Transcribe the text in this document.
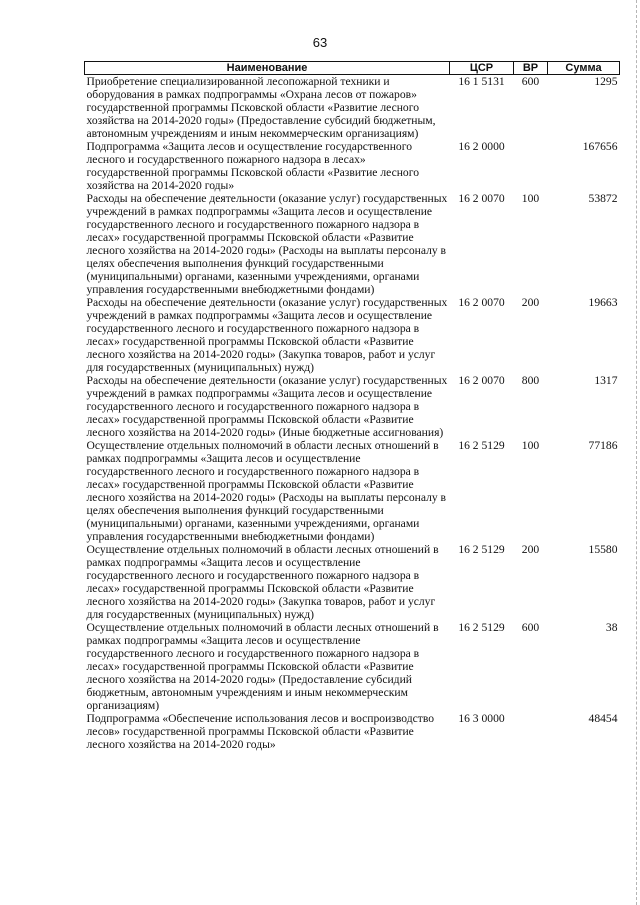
63
Наименование	ЦСР	ВР	Сумма
Приобретение специализированной лесопожарной техники и оборудования в рамках подпрограммы «Охрана лесов от пожаров» государственной программы Псковской области «Развитие лесного хозяйства на 2014-2020 годы» (Предоставление субсидий бюджетным, автономным учреждениям и иным некоммерческим организациям)	16 1 5131	600	1295
Подпрограмма «Защита лесов и осуществление государственного лесного и государственного пожарного надзора в лесах» государственной программы Псковской области «Развитие лесного хозяйства на 2014-2020 годы»	16 2 0000		167656
Расходы на обеспечение деятельности (оказание услуг) государственных учреждений в рамках подпрограммы «Защита лесов и осуществление государственного лесного и государственного пожарного надзора в лесах» государственной программы Псковской области «Развитие лесного хозяйства на 2014-2020 годы» (Расходы на выплаты персоналу в целях обеспечения выполнения функций государственными (муниципальными) органами, казенными учреждениями, органами управления государственными внебюджетными фондами)	16 2 0070	100	53872
Расходы на обеспечение деятельности (оказание услуг) государственных учреждений в рамках подпрограммы «Защита лесов и осуществление государственного лесного и государственного пожарного надзора в лесах» государственной программы Псковской области «Развитие лесного хозяйства на 2014-2020 годы» (Закупка товаров, работ и услуг для государственных (муниципальных) нужд)	16 2 0070	200	19663
Расходы на обеспечение деятельности (оказание услуг) государственных учреждений в рамках подпрограммы «Защита лесов и осуществление государственного лесного и государственного пожарного надзора в лесах» государственной программы Псковской области «Развитие лесного хозяйства на 2014-2020 годы» (Иные бюджетные ассигнования)	16 2 0070	800	1317
Осуществление отдельных полномочий в области лесных отношений в рамках подпрограммы «Защита лесов и осуществление государственного лесного и государственного пожарного надзора в лесах» государственной программы Псковской области «Развитие лесного хозяйства на 2014-2020 годы» (Расходы на выплаты персоналу в целях обеспечения выполнения функций государственными (муниципальными) органами, казенными учреждениями, органами управления государственными внебюджетными фондами)	16 2 5129	100	77186
Осуществление отдельных полномочий в области лесных отношений в рамках подпрограммы «Защита лесов и осуществление государственного лесного и государственного пожарного надзора в лесах» государственной программы Псковской области «Развитие лесного хозяйства на 2014-2020 годы» (Закупка товаров, работ и услуг для государственных (муниципальных) нужд)	16 2 5129	200	15580
Осуществление отдельных полномочий в области лесных отношений в рамках подпрограммы «Защита лесов и осуществление государственного лесного и государственного пожарного надзора в лесах» государственной программы Псковской области «Развитие лесного хозяйства на 2014-2020 годы» (Предоставление субсидий бюджетным, автономным учреждениям и иным некоммерческим организациям)	16 2 5129	600	38
Подпрограмма «Обеспечение использования лесов и воспроизводство лесов» государственной программы Псковской области «Развитие лесного хозяйства на 2014-2020 годы»	16 3 0000		48454
